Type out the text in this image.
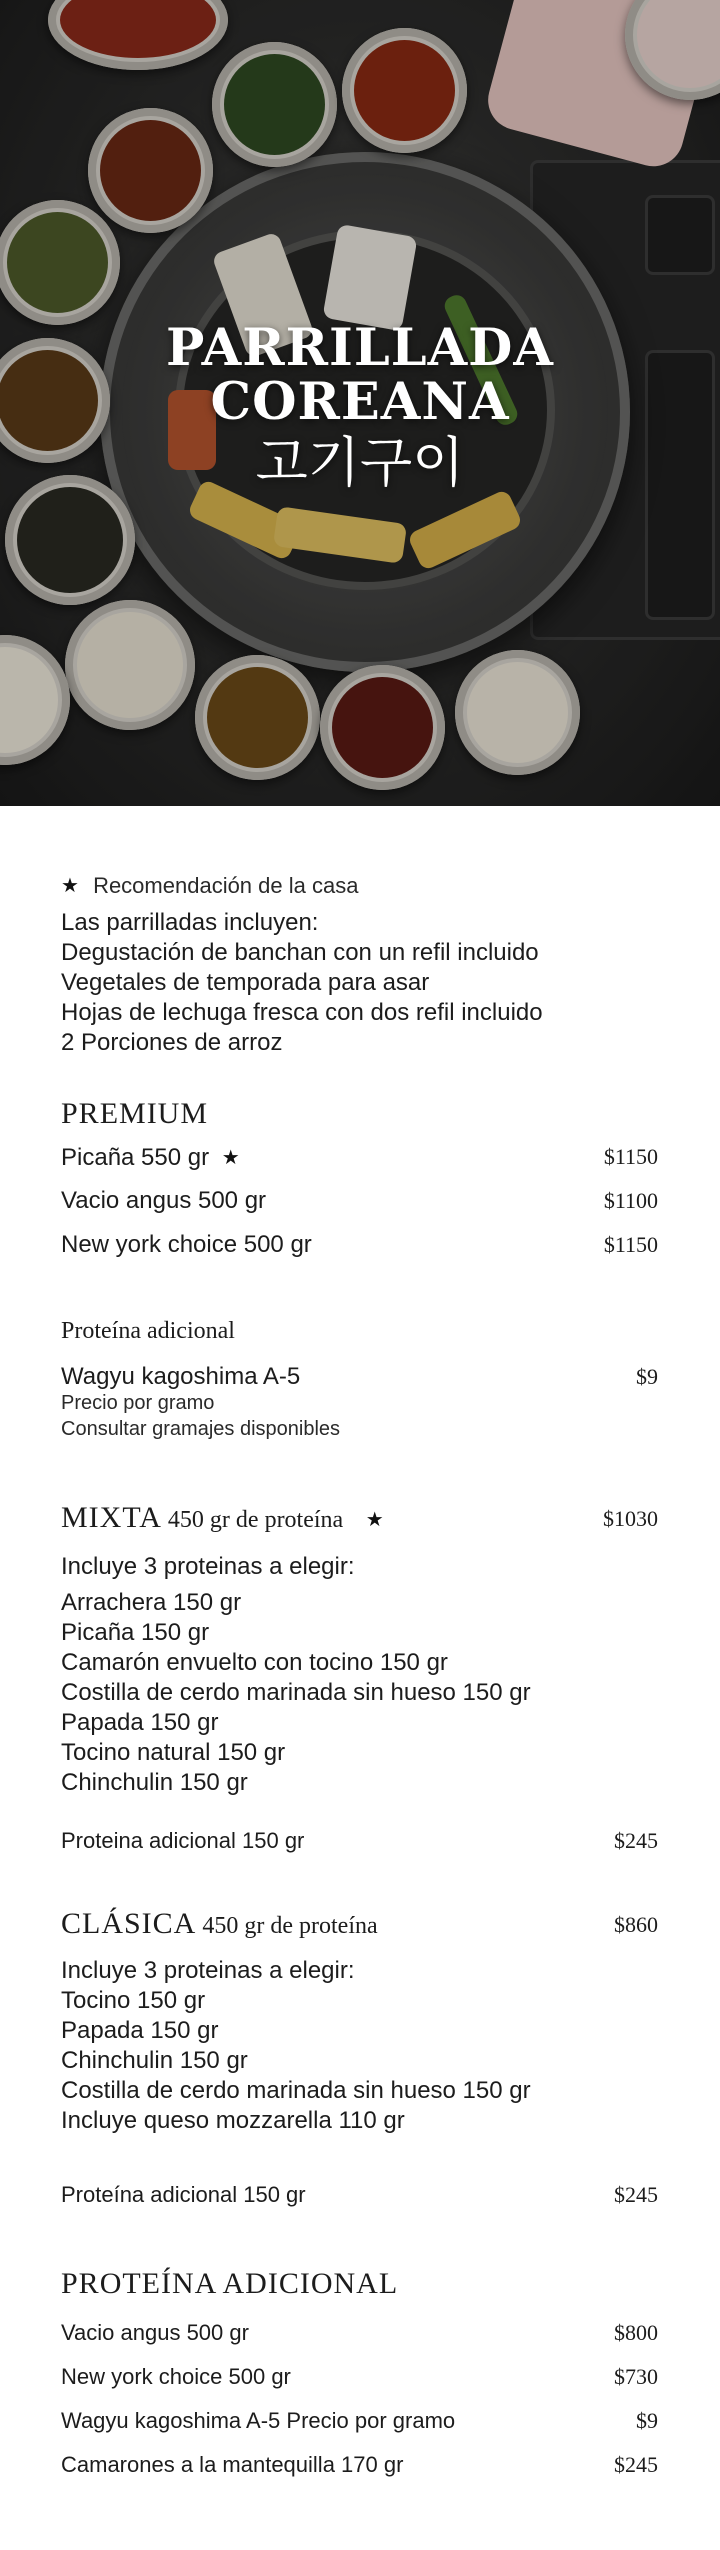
PARRILLADA
COREANA
고기구이
★ Recomendación de la casa
Las parrilladas incluyen:
Degustación de banchan con un refil incluido
Vegetales de temporada para asar
Hojas de lechuga fresca con dos refil incluido
2 Porciones de arroz
PREMIUM
Picaña 550 gr ★	$1150
Vacio angus 500 gr	$1100
New york choice 500 gr	$1150
Proteína adicional
Wagyu kagoshima A-5	$9
Precio por gramo
Consultar gramajes disponibles
MIXTA 450 gr de proteína ★	$1030
Incluye 3 proteinas a elegir:
Arrachera 150 gr
Picaña 150 gr
Camarón envuelto con tocino 150 gr
Costilla de cerdo marinada sin hueso 150 gr
Papada 150 gr
Tocino natural 150 gr
Chinchulin 150 gr
Proteina adicional 150 gr	$245
CLÁSICA 450 gr de proteína	$860
Incluye 3 proteinas a elegir:
Tocino 150 gr
Papada 150 gr
Chinchulin 150 gr
Costilla de cerdo marinada sin hueso 150 gr
Incluye queso mozzarella 110 gr
Proteína adicional 150 gr	$245
PROTEÍNA ADICIONAL
Vacio angus 500 gr	$800
New york choice 500 gr	$730
Wagyu kagoshima A-5 Precio por gramo	$9
Camarones a la mantequilla 170 gr	$245
